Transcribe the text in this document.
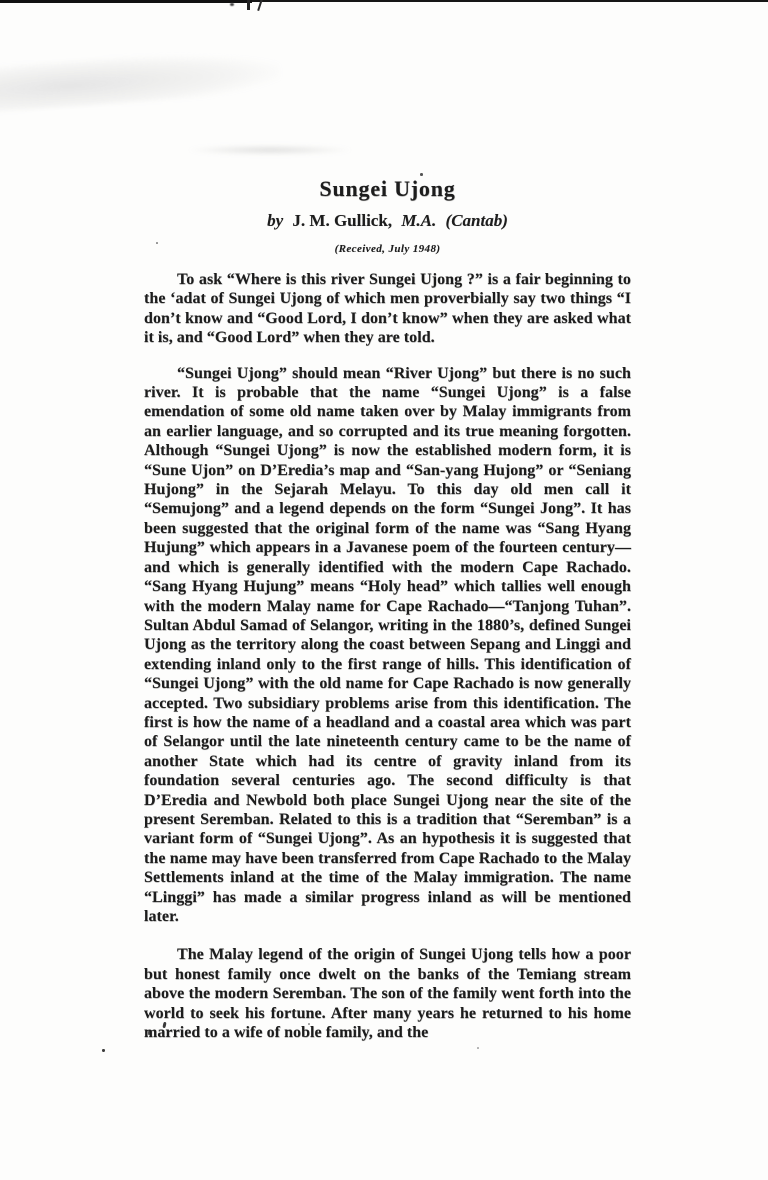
Sungei Ujong
by J. M. Gullick, M.A. (Cantab)
(Received, July 1948)

To ask “Where is this river Sungei Ujong ?” is a fair beginning to the ‘adat of Sungei Ujong of which men proverbially say two things “I don’t know and “Good Lord, I don’t know” when they are asked what it is, and “Good Lord” when they are told.

“Sungei Ujong” should mean “River Ujong” but there is no such river. It is probable that the name “Sungei Ujong” is a false emendation of some old name taken over by Malay immigrants from an earlier language, and so corrupted and its true meaning forgotten. Although “Sungei Ujong” is now the established modern form, it is “Sune Ujon” on D’Eredia’s map and “San-yang Hujong” or “Seniang Hujong” in the Sejarah Melayu. To this day old men call it “Semujong” and a legend depends on the form “Sungei Jong”. It has been suggested that the original form of the name was “Sang Hyang Hujung” which appears in a Javanese poem of the fourteen century—and which is generally identified with the modern Cape Rachado. “Sang Hyang Hujung” means “Holy head” which tallies well enough with the modern Malay name for Cape Rachado—“Tanjong Tuhan”. Sultan Abdul Samad of Selangor, writing in the 1880’s, defined Sungei Ujong as the territory along the coast between Sepang and Linggi and extending inland only to the first range of hills. This identification of “Sungei Ujong” with the old name for Cape Rachado is now generally accepted. Two subsidiary problems arise from this identification. The first is how the name of a headland and a coastal area which was part of Selangor until the late nineteenth century came to be the name of another State which had its centre of gravity inland from its foundation several centuries ago. The second difficulty is that D’Eredia and Newbold both place Sungei Ujong near the site of the present Seremban. Related to this is a tradition that “Seremban” is a variant form of “Sungei Ujong”. As an hypothesis it is suggested that the name may have been transferred from Cape Rachado to the Malay Settlements inland at the time of the Malay immigration. The name “Linggi” has made a similar progress inland as will be mentioned later.

The Malay legend of the origin of Sungei Ujong tells how a poor but honest family once dwelt on the banks of the Temiang stream above the modern Seremban. The son of the family went forth into the world to seek his fortune. After many years he returned to his home married to a wife of noble family, and the
